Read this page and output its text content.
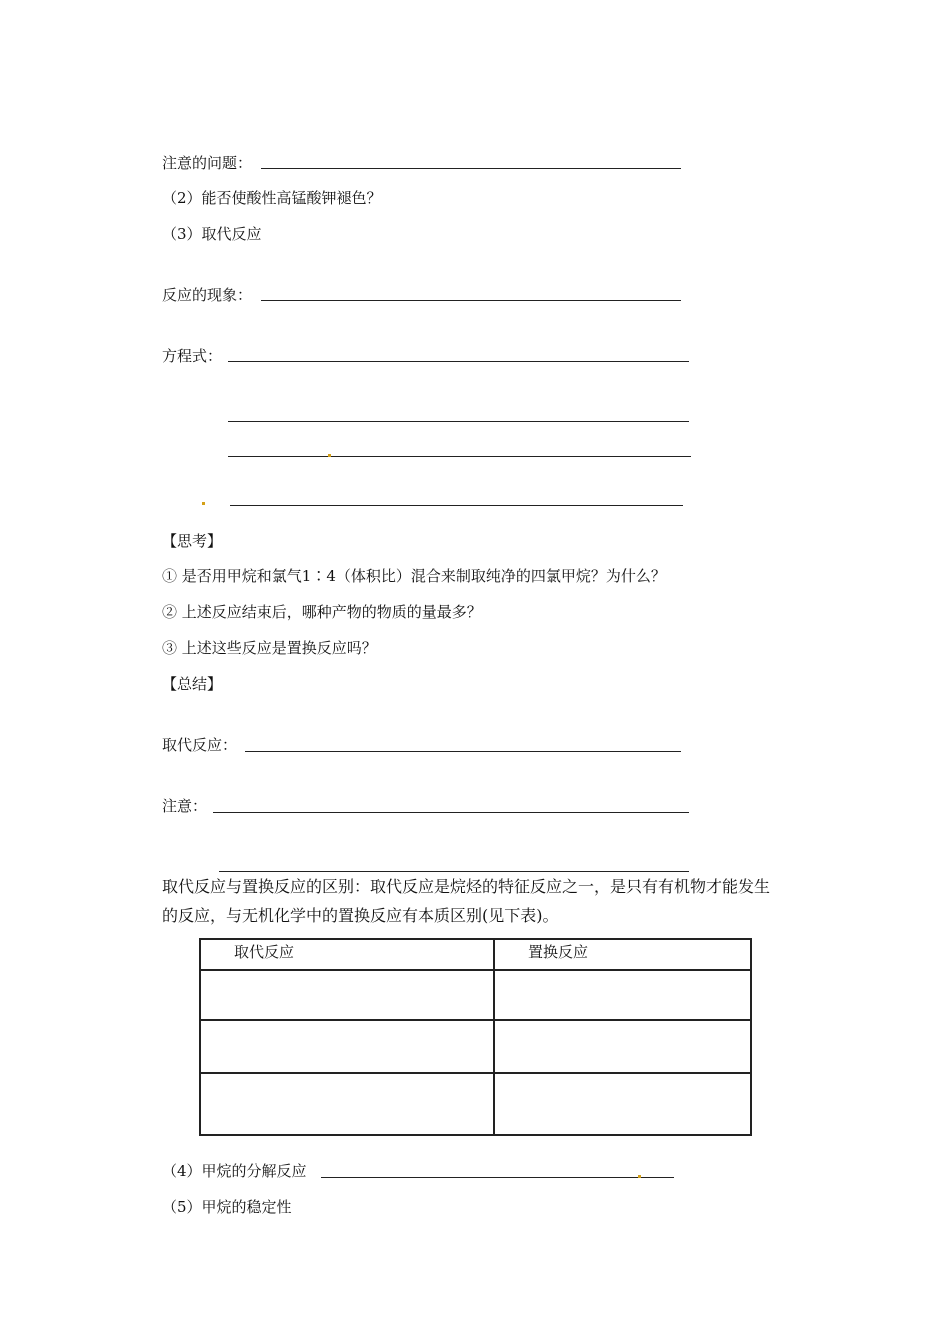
注意的问题：
（2）能否使酸性高锰酸钾褪色？
（3）取代反应
反应的现象：
方程式：
【思考】
① 是否用甲烷和氯气1∶4（体积比）混合来制取纯净的四氯甲烷？为什么？
② 上述反应结束后，哪种产物的物质的量最多？
③ 上述这些反应是置换反应吗？
【总结】
取代反应：
注意：
取代反应与置换反应的区别：取代反应是烷烃的特征反应之一，是只有有机物才能发生
的反应，与无机化学中的置换反应有本质区别(见下表)。
取代反应	置换反应

（4）甲烷的分解反应
（5）甲烷的稳定性
